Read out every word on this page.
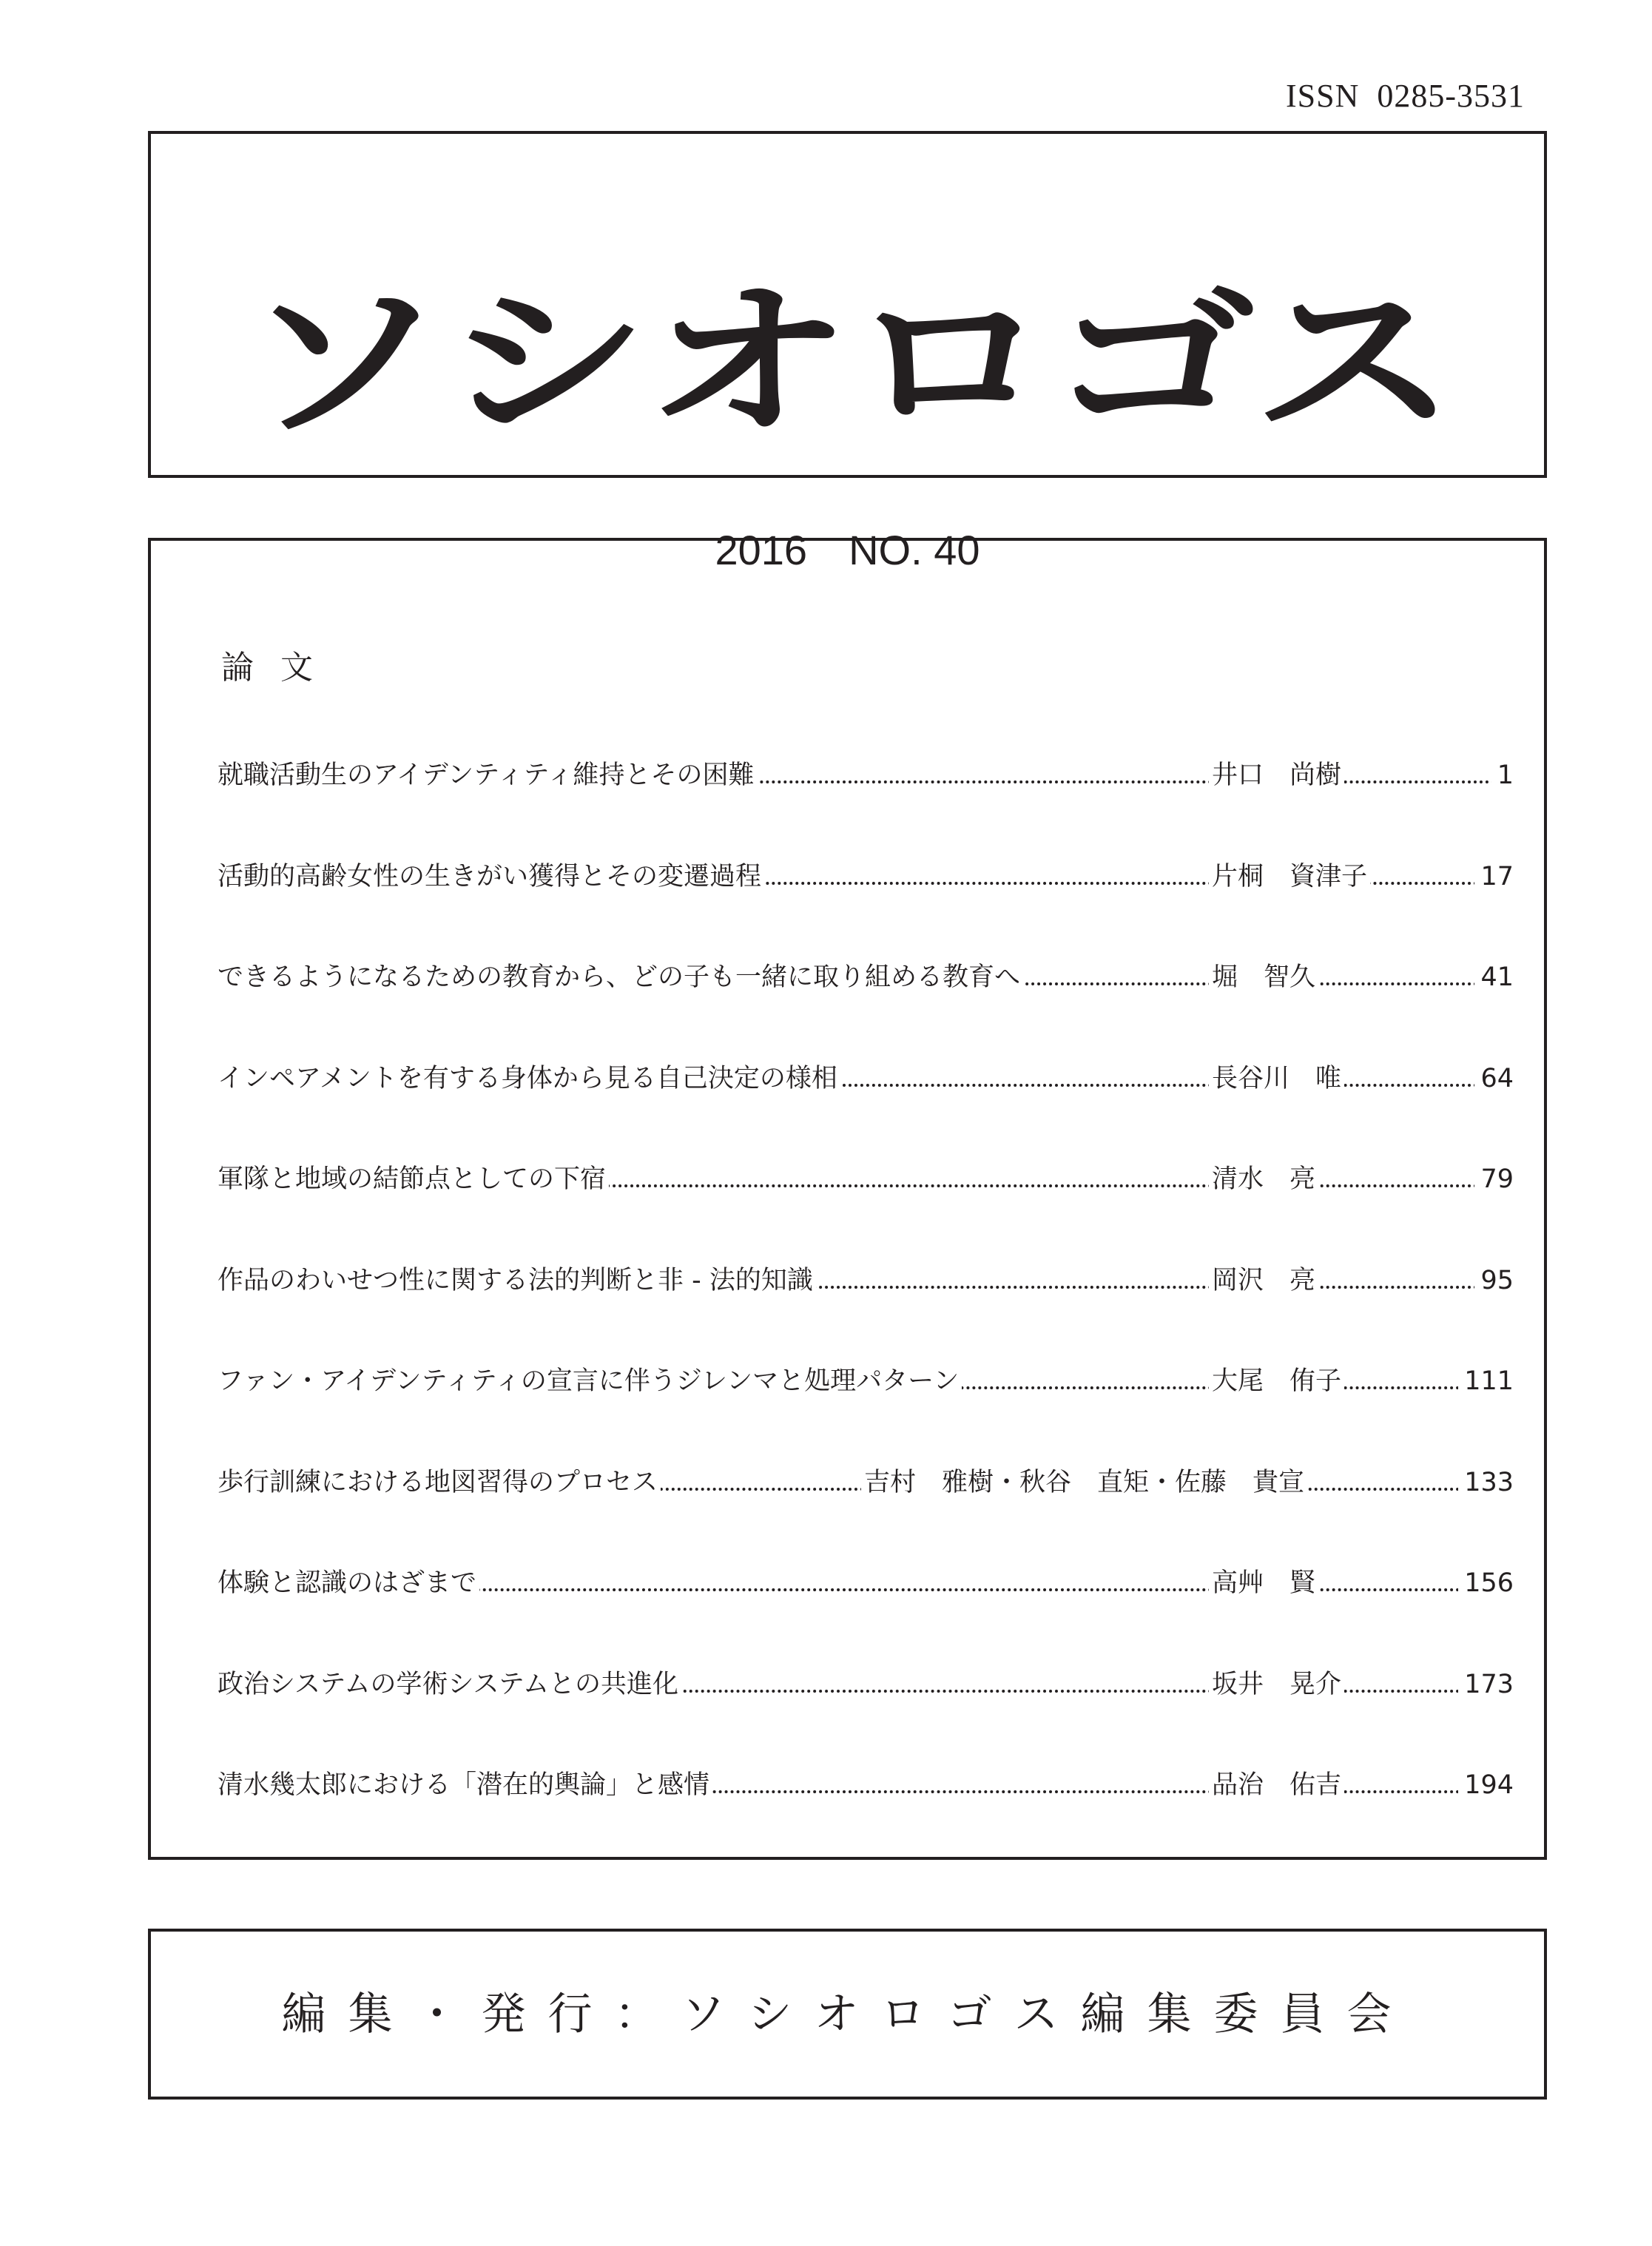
ISSN  0285-3531
ソシオロゴス
2016　NO. 40
論文
就職活動生のアイデンティティ維持とその困難	井口　尚樹	1
活動的高齢女性の生きがい獲得とその変遷過程	片桐　資津子	17
できるようになるための教育から、どの子も一緒に取り組める教育へ	堀　智久	41
インペアメントを有する身体から見る自己決定の様相	長谷川　唯	64
軍隊と地域の結節点としての下宿	清水　亮	79
作品のわいせつ性に関する法的判断と非 - 法的知識	岡沢　亮	95
ファン・アイデンティティの宣言に伴うジレンマと処理パターン	大尾　侑子	111
歩行訓練における地図習得のプロセス	吉村　雅樹・秋谷　直矩・佐藤　貴宣	133
体験と認識のはざまで	高艸　賢	156
政治システムの学術システムとの共進化	坂井　晃介	173
清水幾太郎における「潜在的輿論」と感情	品治　佑吉	194
編集・発行：ソシオロゴス編集委員会
